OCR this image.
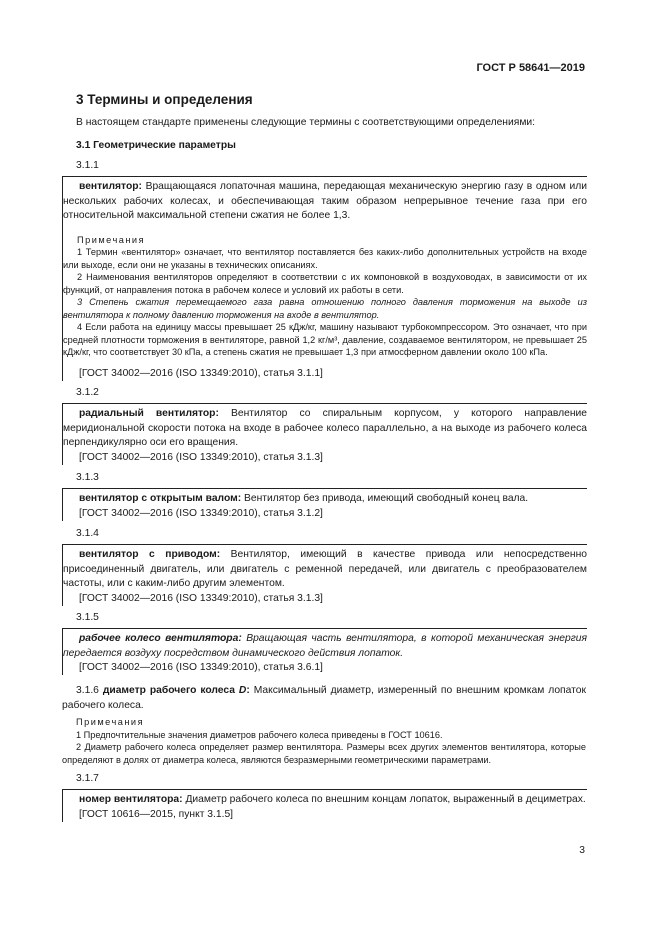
ГОСТ Р 58641—2019
3 Термины и определения
В настоящем стандарте применены следующие термины с соответствующими определениями:
3.1 Геометрические параметры
3.1.1
вентилятор: Вращающаяся лопаточная машина, передающая механическую энергию газу в одном или нескольких рабочих колесах, и обеспечивающая таким образом непрерывное течение газа при его относительной максимальной степени сжатия не более 1,3.
Примечания
1 Термин «вентилятор» означает, что вентилятор поставляется без каких-либо дополнительных устройств на входе или выходе, если они не указаны в технических описаниях.
2 Наименования вентиляторов определяют в соответствии с их компоновкой в воздуховодах, в зависимости от их функций, от направления потока в рабочем колесе и условий их работы в сети.
3 Степень сжатия перемещаемого газа равна отношению полного давления торможения на выходе из вентилятора к полному давлению торможения на входе в вентилятор.
4 Если работа на единицу массы превышает 25 кДж/кг, машину называют турбокомпрессором. Это означает, что при средней плотности торможения в вентиляторе, равной 1,2 кг/м³, давление, создаваемое вентилятором, не превышает 25 кДж/кг, что соответствует 30 кПа, а степень сжатия не превышает 1,3 при атмосферном давлении около 100 кПа.
[ГОСТ 34002—2016 (ISO 13349:2010), статья 3.1.1]
3.1.2
радиальный вентилятор: Вентилятор со спиральным корпусом, у которого направление меридиональной скорости потока на входе в рабочее колесо параллельно, а на выходе из рабочего колеса перпендикулярно оси его вращения.
[ГОСТ 34002—2016 (ISO 13349:2010), статья 3.1.3]
3.1.3
вентилятор с открытым валом: Вентилятор без привода, имеющий свободный конец вала.
[ГОСТ 34002—2016 (ISO 13349:2010), статья 3.1.2]
3.1.4
вентилятор с приводом: Вентилятор, имеющий в качестве привода или непосредственно присоединенный двигатель, или двигатель с ременной передачей, или двигатель с преобразователем частоты, или с каким-либо другим элементом.
[ГОСТ 34002—2016 (ISO 13349:2010), статья 3.1.3]
3.1.5
рабочее колесо вентилятора: Вращающая часть вентилятора, в которой механическая энергия передается воздуху посредством динамического действия лопаток.
[ГОСТ 34002—2016 (ISO 13349:2010), статья 3.6.1]
3.1.6 диаметр рабочего колеса D: Максимальный диаметр, измеренный по внешним кромкам лопаток рабочего колеса.
Примечания
1 Предпочтительные значения диаметров рабочего колеса приведены в ГОСТ 10616.
2 Диаметр рабочего колеса определяет размер вентилятора. Размеры всех других элементов вентилятора, которые определяют в долях от диаметра колеса, являются безразмерными геометрическими параметрами.
3.1.7
номер вентилятора: Диаметр рабочего колеса по внешним концам лопаток, выраженный в дециметрах.
[ГОСТ 10616—2015, пункт 3.1.5]
3
